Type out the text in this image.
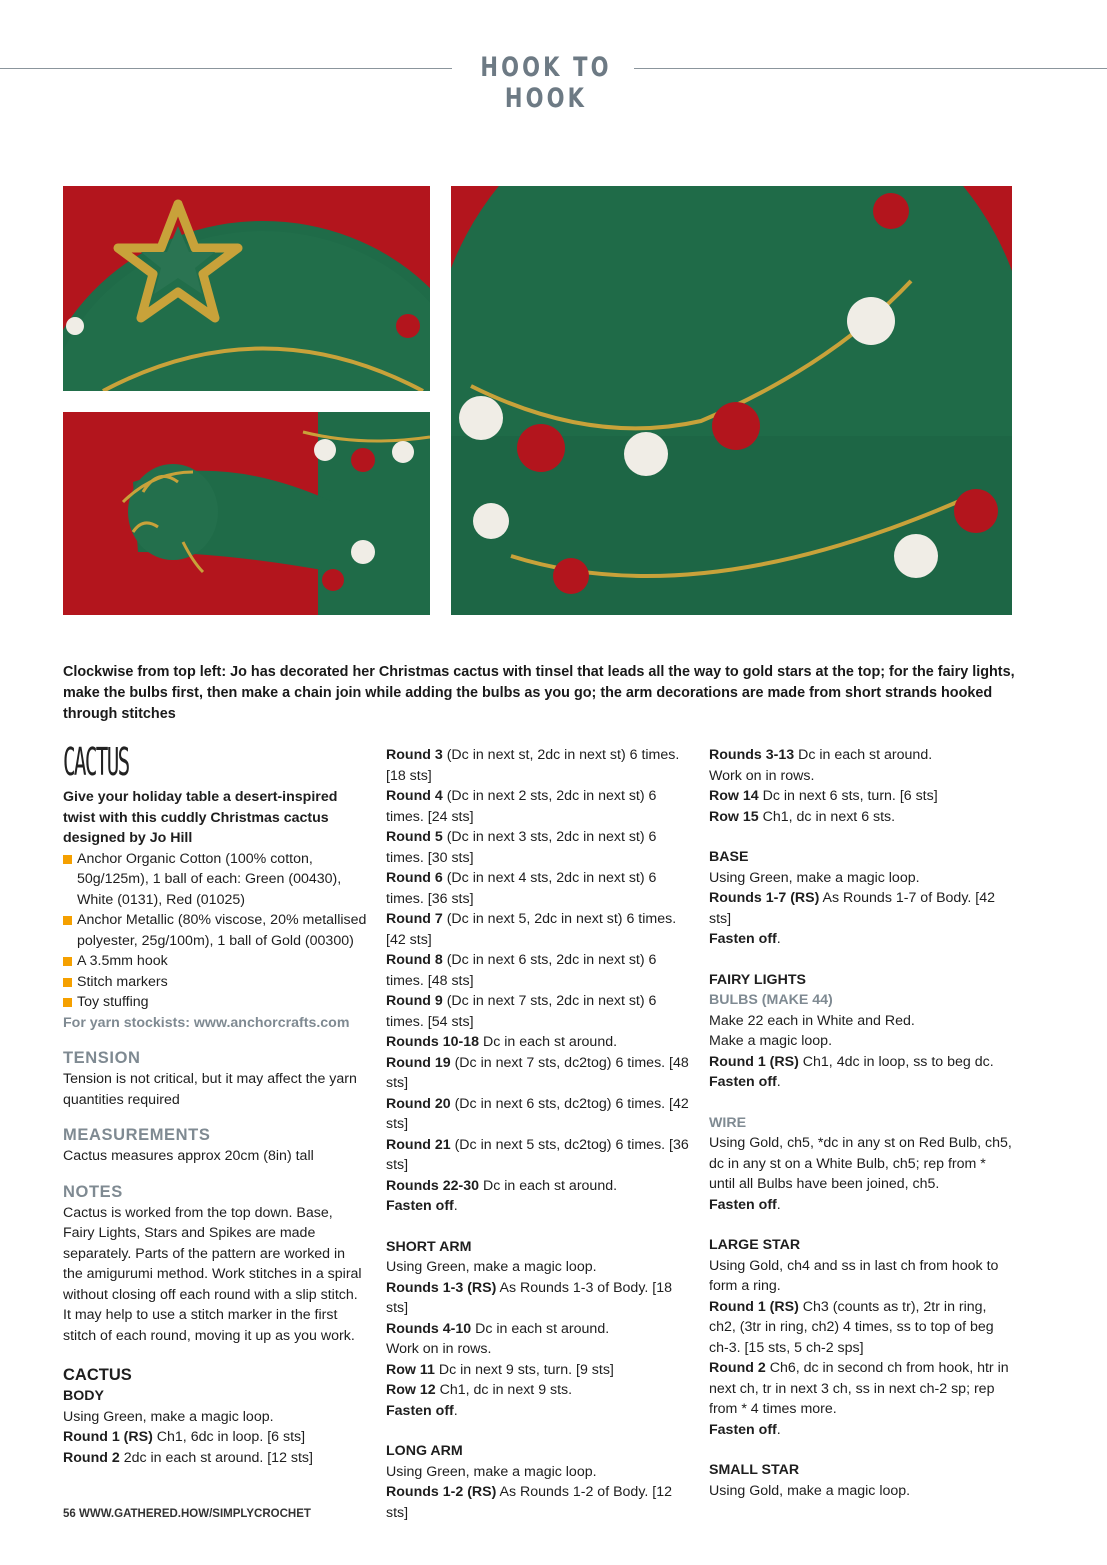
HOOK TO HOOK
Clockwise from top left: Jo has decorated her Christmas cactus with tinsel that leads all the way to gold stars at the top; for the fairy lights, make the bulbs first, then make a chain join while adding the bulbs as you go; the arm decorations are made from short strands hooked through stitches

CACTUS

Give your holiday table a desert-inspired twist with this cuddly Christmas cactus designed by Jo Hill

Anchor Organic Cotton (100% cotton, 50g/125m), 1 ball of each: Green (00430), White (0131), Red (01025)

Anchor Metallic (80% viscose, 20% metallised polyester, 25g/100m), 1 ball of Gold (00300)

A 3.5mm hook

Stitch markers

Toy stuffing

For yarn stockists: www.anchorcrafts.com

TENSION

Tension is not critical, but it may affect the yarn quantities required

MEASUREMENTS

Cactus measures approx 20cm (8in) tall

NOTES

Cactus is worked from the top down. Base, Fairy Lights, Stars and Spikes are made separately. Parts of the pattern are worked in the amigurumi method. Work stitches in a spiral without closing off each round with a slip stitch. It may help to use a stitch marker in the first stitch of each round, moving it up as you work.

CACTUS

BODY

Using Green, make a magic loop.

Round 1 (RS) Ch1, 6dc in loop. [6 sts]

Round 2 2dc in each st around. [12 sts]

Round 3 (Dc in next st, 2dc in next st) 6 times. [18 sts]

Round 4 (Dc in next 2 sts, 2dc in next st) 6 times. [24 sts]

Round 5 (Dc in next 3 sts, 2dc in next st) 6 times. [30 sts]

Round 6 (Dc in next 4 sts, 2dc in next st) 6 times. [36 sts]

Round 7 (Dc in next 5, 2dc in next st) 6 times. [42 sts]

Round 8 (Dc in next 6 sts, 2dc in next st) 6 times. [48 sts]

Round 9 (Dc in next 7 sts, 2dc in next st) 6 times. [54 sts]

Rounds 10-18 Dc in each st around.

Round 19 (Dc in next 7 sts, dc2tog) 6 times. [48 sts]

Round 20 (Dc in next 6 sts, dc2tog) 6 times. [42 sts]

Round 21 (Dc in next 5 sts, dc2tog) 6 times. [36 sts]

Rounds 22-30 Dc in each st around.

Fasten off.

SHORT ARM

Using Green, make a magic loop.

Rounds 1-3 (RS) As Rounds 1-3 of Body. [18 sts]

Rounds 4-10 Dc in each st around.

Work on in rows.

Row 11 Dc in next 9 sts, turn. [9 sts]

Row 12 Ch1, dc in next 9 sts.

Fasten off.

LONG ARM

Using Green, make a magic loop.

Rounds 1-2 (RS) As Rounds 1-2 of Body. [12 sts]

Rounds 3-13 Dc in each st around.

Work on in rows.

Row 14 Dc in next 6 sts, turn. [6 sts]

Row 15 Ch1, dc in next 6 sts.

BASE

Using Green, make a magic loop.

Rounds 1-7 (RS) As Rounds 1-7 of Body. [42 sts]

Fasten off.

FAIRY LIGHTS

BULBS (MAKE 44)

Make 22 each in White and Red.

Make a magic loop.

Round 1 (RS) Ch1, 4dc in loop, ss to beg dc.

Fasten off.

WIRE

Using Gold, ch5, *dc in any st on Red Bulb, ch5, dc in any st on a White Bulb, ch5; rep from * until all Bulbs have been joined, ch5.

Fasten off.

LARGE STAR

Using Gold, ch4 and ss in last ch from hook to form a ring.

Round 1 (RS) Ch3 (counts as tr), 2tr in ring, ch2, (3tr in ring, ch2) 4 times, ss to top of beg ch-3. [15 sts, 5 ch-2 sps]

Round 2 Ch6, dc in second ch from hook, htr in next ch, tr in next 3 ch, ss in next ch-2 sp; rep from * 4 times more.

Fasten off.

SMALL STAR

Using Gold, make a magic loop.

56 WWW.GATHERED.HOW/SIMPLYCROCHET
